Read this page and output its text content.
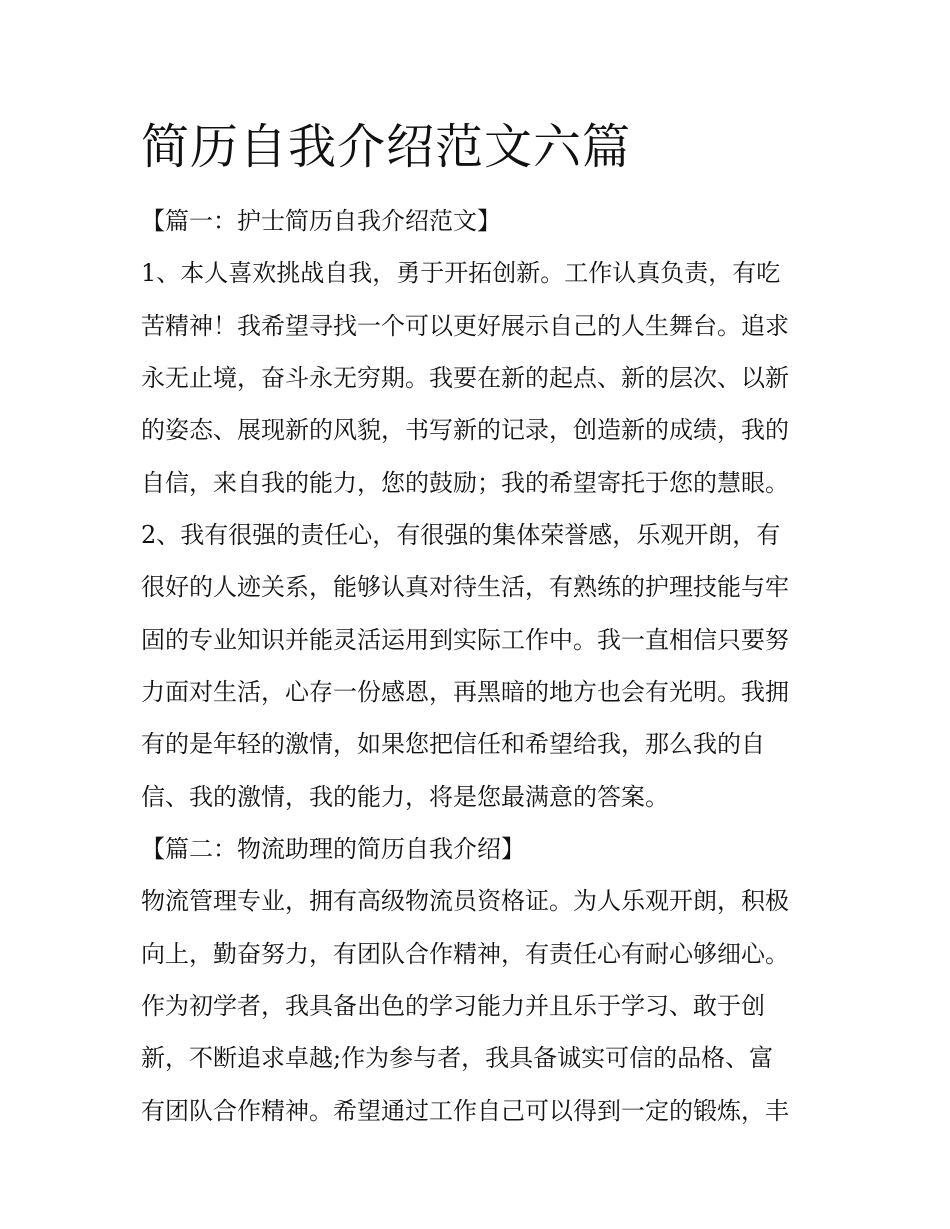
简历自我介绍范文六篇
【篇一：护士简历自我介绍范文】
1、本人喜欢挑战自我，勇于开拓创新。工作认真负责，有吃
苦精神！我希望寻找一个可以更好展示自己的人生舞台。追求
永无止境，奋斗永无穷期。我要在新的起点、新的层次、以新
的姿态、展现新的风貌，书写新的记录，创造新的成绩，我的
自信，来自我的能力，您的鼓励；我的希望寄托于您的慧眼。
2、我有很强的责任心，有很强的集体荣誉感，乐观开朗，有
很好的人迹关系，能够认真对待生活，有熟练的护理技能与牢
固的专业知识并能灵活运用到实际工作中。我一直相信只要努
力面对生活，心存一份感恩，再黑暗的地方也会有光明。我拥
有的是年轻的激情，如果您把信任和希望给我，那么我的自
信、我的激情，我的能力，将是您最满意的答案。
【篇二：物流助理的简历自我介绍】
物流管理专业，拥有高级物流员资格证。为人乐观开朗，积极
向上，勤奋努力，有团队合作精神，有责任心有耐心够细心。
作为初学者，我具备出色的学习能力并且乐于学习、敢于创
新，不断追求卓越;作为参与者，我具备诚实可信的品格、富
有团队合作精神。希望通过工作自己可以得到一定的锻炼，丰
